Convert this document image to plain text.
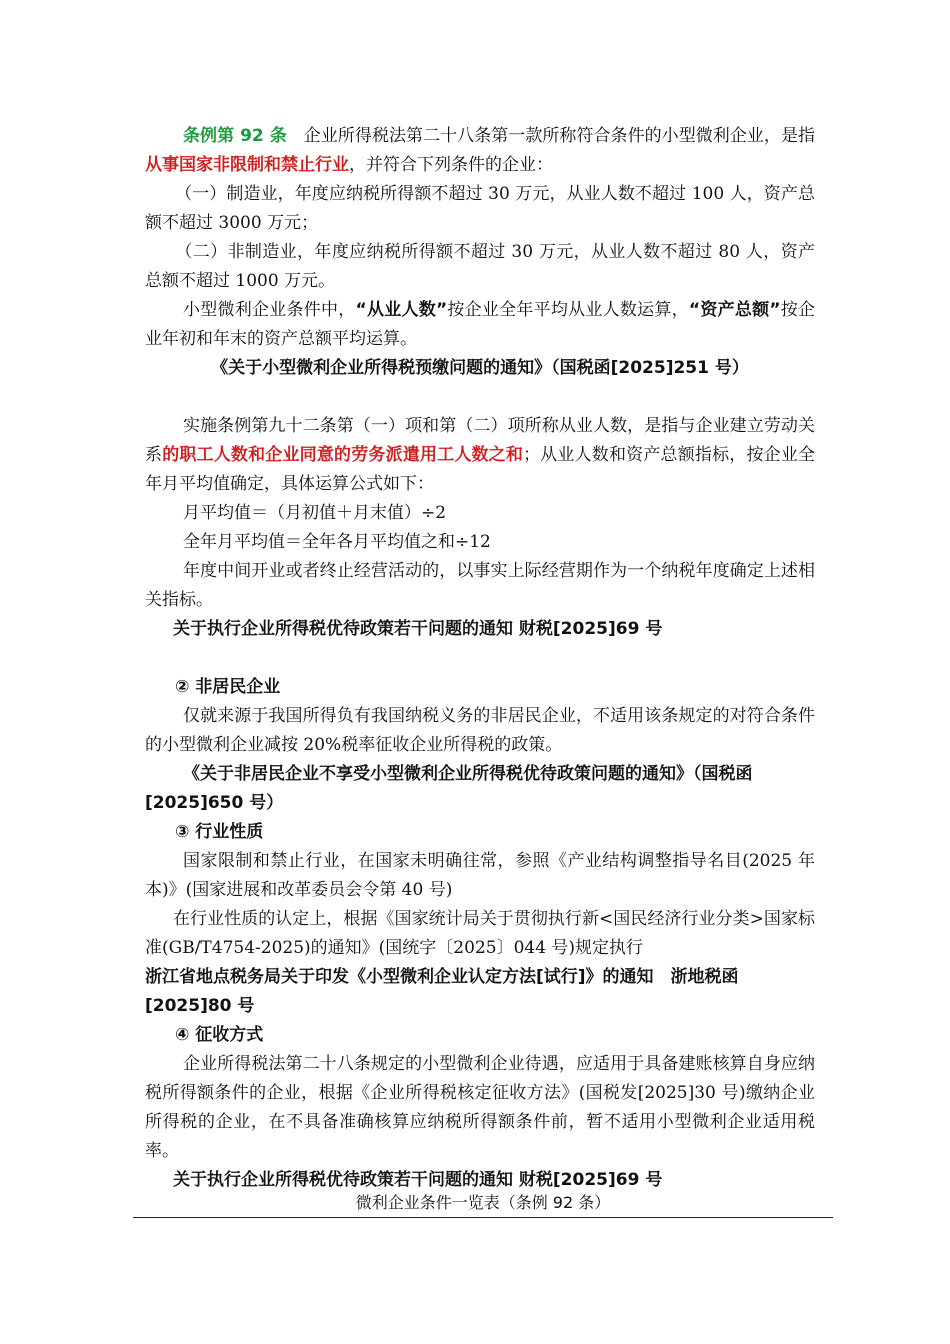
条例第 92 条　 企业所得税法第二十八条第一款所称符合条件的小型微利企业，是指从事国家非限制和禁止行业，并符合下列条件的企业：

（一）制造业，年度应纳税所得额不超过 30 万元，从业人数不超过 100 人，资产总额不超过 3000 万元；

（二）非制造业，年度应纳税所得额不超过 30 万元，从业人数不超过 80 人，资产总额不超过 1000 万元。

小型微利企业条件中，“从业人数”按企业全年平均从业人数运算，“资产总额”按企业年初和年末的资产总额平均运算。

《关于小型微利企业所得税预缴问题的通知》（国税函[2025]251 号）

实施条例第九十二条第（一）项和第（二）项所称从业人数，是指与企业建立劳动关系的职工人数和企业同意的劳务派遣用工人数之和；从业人数和资产总额指标，按企业全年月平均值确定，具体运算公式如下：

月平均值＝（月初值＋月末值）÷2

全年月平均值＝全年各月平均值之和÷12

年度中间开业或者终止经营活动的，以事实上际经营期作为一个纳税年度确定上述相关指标。

关于执行企业所得税优待政策若干问题的通知 财税[2025]69 号

② 非居民企业

仅就来源于我国所得负有我国纳税义务的非居民企业，不适用该条规定的对符合条件的小型微利企业减按 20%税率征收企业所得税的政策。

《关于非居民企业不享受小型微利企业所得税优待政策问题的通知》（国税函[2025]650 号）

③ 行业性质

国家限制和禁止行业，在国家未明确往常，参照《产业结构调整指导名目(2025 年本)》(国家进展和改革委员会令第 40 号)

在行业性质的认定上，根据《国家统计局关于贯彻执行新<国民经济行业分类>国家标准(GB/T4754-2025)的通知》(国统字〔2025〕044 号)规定执行

浙江省地点税务局关于印发《小型微利企业认定方法[试行]》的通知　浙地税函[2025]80 号

④ 征收方式

企业所得税法第二十八条规定的小型微利企业待遇，应适用于具备建账核算自身应纳税所得额条件的企业，根据《企业所得税核定征收方法》(国税发[2025]30 号)缴纳企业所得税的企业，在不具备准确核算应纳税所得额条件前，暂不适用小型微利企业适用税率。

关于执行企业所得税优待政策若干问题的通知 财税[2025]69 号

微利企业条件一览表（条例 92 条）
